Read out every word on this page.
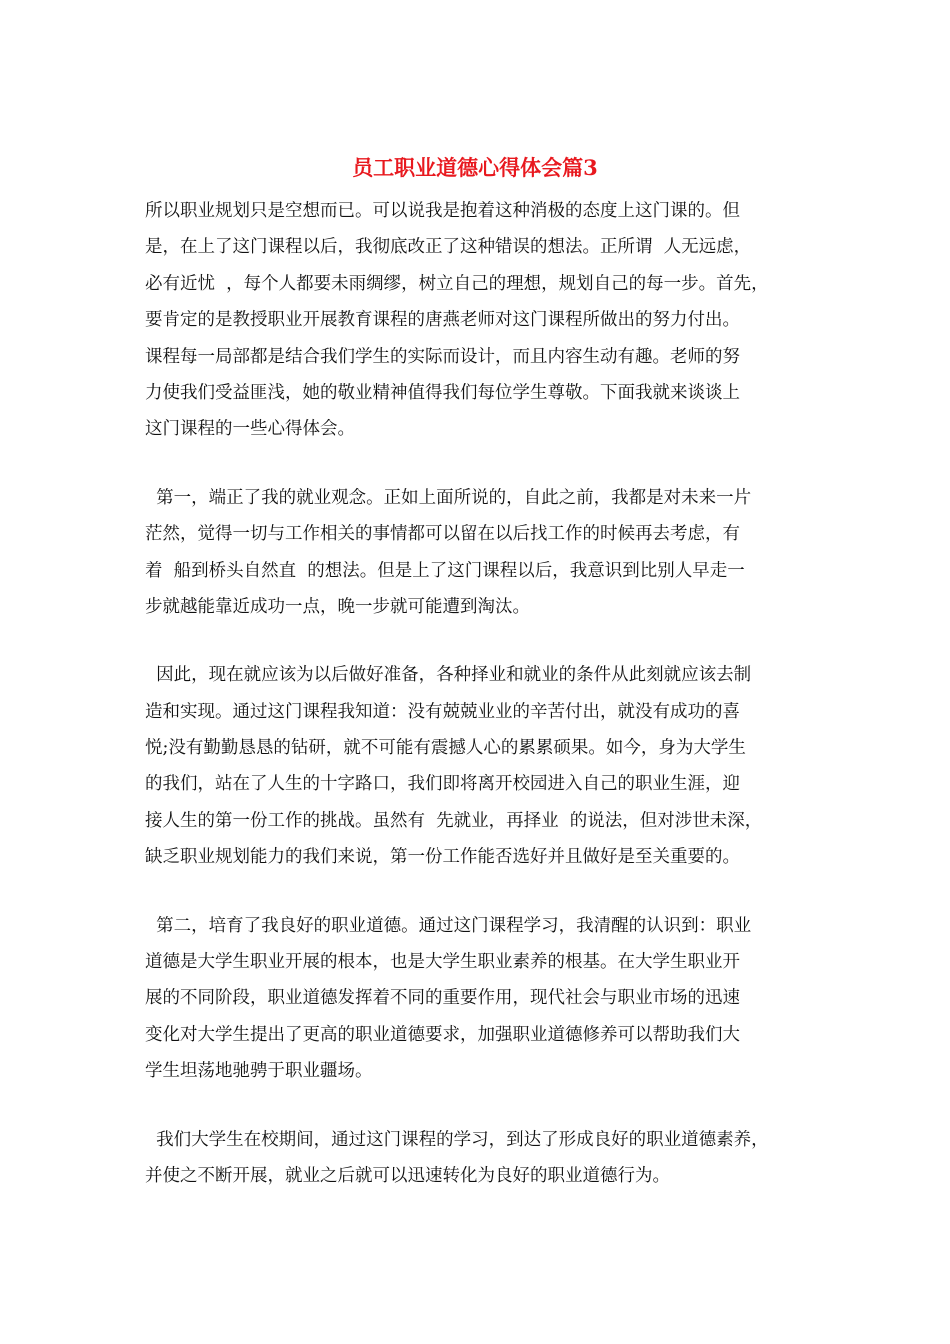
员工职业道德心得体会篇3

所以职业规划只是空想而已。可以说我是抱着这种消极的态度上这门课的。但
是，在上了这门课程以后，我彻底改正了这种错误的想法。正所谓  人无远虑，
必有近忧  ，每个人都要未雨绸缪，树立自己的理想，规划自己的每一步。首先，
要肯定的是教授职业开展教育课程的唐燕老师对这门课程所做出的努力付出。
课程每一局部都是结合我们学生的实际而设计，而且内容生动有趣。老师的努
力使我们受益匪浅，她的敬业精神值得我们每位学生尊敬。下面我就来谈谈上
这门课程的一些心得体会。

第一，端正了我的就业观念。正如上面所说的，自此之前，我都是对未来一片
茫然，觉得一切与工作相关的事情都可以留在以后找工作的时候再去考虑，有
着  船到桥头自然直  的想法。但是上了这门课程以后，我意识到比别人早走一
步就越能靠近成功一点，晚一步就可能遭到淘汰。

因此，现在就应该为以后做好准备，各种择业和就业的条件从此刻就应该去制
造和实现。通过这门课程我知道：没有兢兢业业的辛苦付出，就没有成功的喜
悦;没有勤勤恳恳的钻研，就不可能有震撼人心的累累硕果。如今，身为大学生
的我们，站在了人生的十字路口，我们即将离开校园进入自己的职业生涯，迎
接人生的第一份工作的挑战。虽然有  先就业，再择业  的说法，但对涉世未深，
缺乏职业规划能力的我们来说，第一份工作能否选好并且做好是至关重要的。

第二，培育了我良好的职业道德。通过这门课程学习，我清醒的认识到：职业
道德是大学生职业开展的根本，也是大学生职业素养的根基。在大学生职业开
展的不同阶段，职业道德发挥着不同的重要作用，现代社会与职业市场的迅速
变化对大学生提出了更高的职业道德要求，加强职业道德修养可以帮助我们大
学生坦荡地驰骋于职业疆场。

我们大学生在校期间，通过这门课程的学习，到达了形成良好的职业道德素养，
并使之不断开展，就业之后就可以迅速转化为良好的职业道德行为。
